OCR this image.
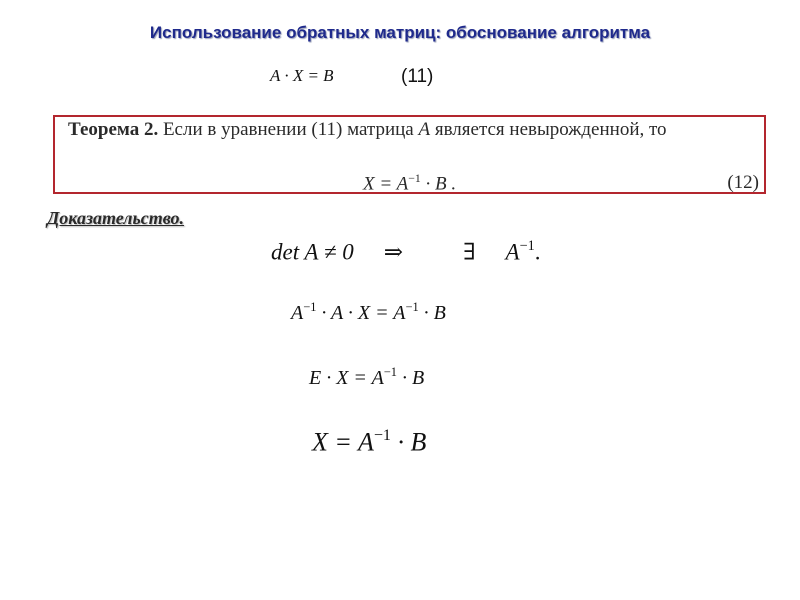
Использование обратных матриц: обоснование алгоритма
A · X = B	(11)
Теорема 2. Если в уравнении (11) матрица A является невырожденной, то
$X = A^{-1} \cdot B$ .	(12)
Доказательство.
det A ≠ 0 ⇒	∃ $A^{-1}$.
$A^{-1} \cdot A \cdot X = A^{-1} \cdot B$
$E \cdot X = A^{-1} \cdot B$
$X = A^{-1} \cdot B$
